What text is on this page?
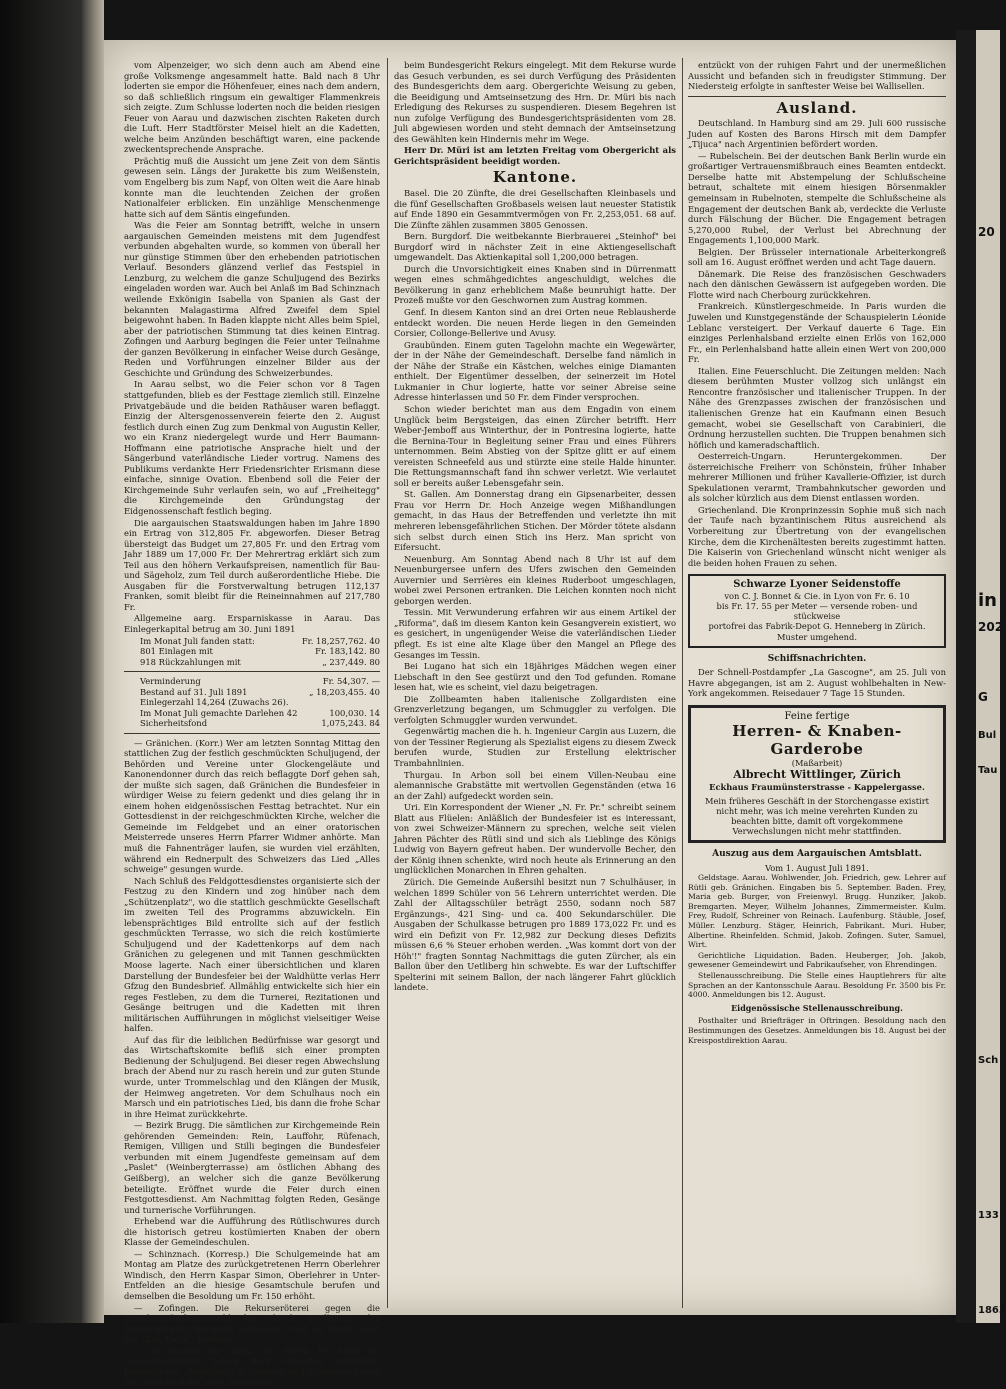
vom Alpenzeiger, wo sich denn auch am Abend eine große Volksmenge angesammelt hatte. Bald nach 8 Uhr loderten sie empor die Höhenfeuer, eines nach dem andern, so daß schließlich ringsum ein gewaltiger Flammenkreis sich zeigte. Zum Schlusse loderten noch die beiden riesigen Feuer von Aarau und dazwischen zischten Raketen durch die Luft. Herr Stadtförster Meisel hielt an die Kadetten, welche beim Anzünden beschäftigt waren, eine packende zweckentsprechende Ansprache.

Prächtig muß die Aussicht um jene Zeit von dem Säntis gewesen sein. Längs der Jurakette bis zum Weißenstein, vom Engelberg bis zum Napf, von Olten weit die Aare hinab konnte man die leuchtenden Zeichen der großen Nationalfeier erblicken. Ein unzählige Menschenmenge hatte sich auf dem Säntis eingefunden.

Was die Feier am Sonntag betrifft, welche in unsern aargauischen Gemeinden meistens mit dem Jugendfest verbunden abgehalten wurde, so kommen von überall her nur günstige Stimmen über den erhebenden patriotischen Verlauf. Besonders glänzend verlief das Festspiel in Lenzburg, zu welchem die ganze Schuljugend des Bezirks eingeladen worden war. Auch bei Anlaß im Bad Schinznach weilende Exkönigin Isabella von Spanien als Gast der bekannten Malagastirma Alfred Zweifel dem Spiel beigewohnt haben. In Baden klappte nicht Alles beim Spiel, aber der patriotischen Stimmung tat dies keinen Eintrag. Zofingen und Aarburg begingen die Feier unter Teilnahme der ganzen Bevölkerung in einfacher Weise durch Gesänge, Reden und Vorführungen einzelner Bilder aus der Geschichte und Gründung des Schweizerbundes.

In Aarau selbst, wo die Feier schon vor 8 Tagen stattgefunden, blieb es der Festtage ziemlich still. Einzelne Privatgebäude und die beiden Rathäuser waren beflaggt. Einzig der Altersgenossenverein feierte den 2. August festlich durch einen Zug zum Denkmal von Augustin Keller, wo ein Kranz niedergelegt wurde und Herr Baumann-Hoffmann eine patriotische Ansprache hielt und der Sängerbund vaterländische Lieder vortrug. Namens des Publikums verdankte Herr Friedensrichter Erismann diese einfache, sinnige Ovation. Ebenbend soll die Feier der Kirchgemeinde Suhr verlaufen sein, wo auf „Freiheitegg" die Kirchgemeinde den Gründungstag der Eidgenossenschaft festlich beging.

Die aargauischen Staatswaldungen haben im Jahre 1890 ein Ertrag von 312,805 Fr. abgeworfen. Dieser Betrag übersteigt das Budget um 27,805 Fr. und den Ertrag vom Jahr 1889 um 17,000 Fr. Der Mehrertrag erklärt sich zum Teil aus den höhern Verkaufspreisen, namentlich für Bau- und Sägeholz, zum Teil durch außerordentliche Hiebe. Die Ausgaben für die Forstverwaltung betrugen 112,137 Franken, somit bleibt für die Reineinnahmen auf 217,780 Fr.

Allgemeine aarg. Ersparniskasse in Aarau. Das Einlegerkapital betrug am 30. Juni 1891

Im Monat Juli fanden statt:	Fr. 18,257,762. 40
801 Einlagen mit	Fr. 183,142. 80
918 Rückzahlungen mit	„ 237,449. 80
Verminderung	Fr. 54,307. —
Bestand auf 31. Juli 1891	„ 18,203,455. 40
Einlegerzahl 14,264 (Zuwachs 26).
Im Monat Juli gemachte Darlehen 42	100,030. 14
Sicherheitsfond	1,075,243. 84

— Gränichen. (Korr.) Wer am letzten Sonntag Mittag den stattlichen Zug der festlich geschmückten Schuljugend, der Behörden und Vereine unter Glockengeläute und Kanonendonner durch das reich beflaggte Dorf gehen sah, der mußte sich sagen, daß Gränichen die Bundesfeier in würdiger Weise zu feiern gedenkt und dies gelang ihr in einem hohen eidgenössischen Festtag betrachtet. Nur ein Gottesdienst in der reichgeschmückten Kirche, welcher die Gemeinde im Feldgebet und an einer oratorischen Meisterrede unseres Herrn Pfarrer Widmer anhörte. Man muß die Fahnenträger laufen, sie wurden viel erzählten, während ein Rednerpult des Schweizers das Lied „Alles schweige" gesungen wurde.

Nach Schluß des Feldgottesdienstes organisierte sich der Festzug zu den Kindern und zog hinüber nach dem „Schützenplatz", wo die stattlich geschmückte Gesellschaft im zweiten Teil des Programms abzuwickeln. Ein lebensprächtiges Bild entrollte sich auf der festlich geschmückten Terrasse, wo sich die reich kostümierte Schuljugend und der Kadettenkorps auf dem nach Gränichen zu gelegenen und mit Tannen geschmückten Moose lagerte. Nach einer übersichtlichen und klaren Darstellung der Bundesfeier bei der Waldhütte verlas Herr Gfzug den Bundesbrief. Allmählig entwickelte sich hier ein reges Festleben, zu dem die Turnerei, Rezitationen und Gesänge beitrugen und die Kadetten mit ihren militärischen Aufführungen in möglichst vielseitiger Weise halfen.

Auf das für die leiblichen Bedürfnisse war gesorgt und das Wirtschaftskomite befliß sich einer prompten Bedienung der Schuljugend. Bei dieser regen Abwechslung brach der Abend nur zu rasch herein und zur guten Stunde wurde, unter Trommelschlag und den Klängen der Musik, der Heimweg angetreten. Vor dem Schulhaus noch ein Marsch und ein patriotisches Lied, bis dann die frohe Schar in ihre Heimat zurückkehrte.

— Bezirk Brugg. Die sämtlichen zur Kirchgemeinde Rein gehörenden Gemeinden: Rein, Lauffohr, Rüfenach, Remigen, Villigen und Stilli begingen die Bundesfeier verbunden mit einem Jugendfeste gemeinsam auf dem „Paslet" (Weinbergterrasse) am östlichen Abhang des Geißberg), an welcher sich die ganze Bevölkerung beteiligte. Eröffnet wurde die Feier durch einen Festgottesdienst. Am Nachmittag folgten Reden, Gesänge und turnerische Vorführungen.

Erhebend war die Aufführung des Rütlischwures durch die historisch getreu kostümierten Knaben der obern Klasse der Gemeindeschulen.

— Schinznach. (Korresp.) Die Schulgemeinde hat am Montag am Platze des zurückgetretenen Herrn Oberlehrer Windisch, den Herrn Kaspar Simon, Oberlehrer in Unter-Entfelden an die hiesige Gesamtschule berufen und demselben die Besoldung um Fr. 150 erhöht.

— Zofingen. Die Rekurseröterei gegen die Gerichtspräsidentenwahl hat durch Verfügung des Bundesgerichts ihr Ende gefunden. „Gott sei Dank!" sagt das „Zof. Tagbl." hierüber.

— In Sachen der Wahl des Herrn Dr. Müri als Gerichtspräsident haben Herr Sebastian Schmidlin, Redaktor der „Tagespost" in Zofingen und Konsorten gegen den Entscheid der aarg. Regierung

beim Bundesgericht Rekurs eingelegt. Mit dem Rekurse wurde das Gesuch verbunden, es sei durch Verfügung des Präsidenten des Bundesgerichts dem aarg. Obergerichte Weisung zu geben, die Beeidigung und Amtseinsetzung des Hrn. Dr. Müri bis nach Erledigung des Rekurses zu suspendieren. Diesem Begehren ist nun zufolge Verfügung des Bundesgerichtspräsidenten vom 28. Juli abgewiesen worden und steht demnach der Amtseinsetzung des Gewählten kein Hindernis mehr im Wege.

Herr Dr. Müri ist am letzten Freitag vom Obergericht als Gerichtspräsident beeidigt worden.

Kantone.

Basel. Die 20 Zünfte, die drei Gesellschaften Kleinbasels und die fünf Gesellschaften Großbasels weisen laut neuester Statistik auf Ende 1890 ein Gesammtvermögen von Fr. 2,253,051. 68 auf. Die Zünfte zählen zusammen 3805 Genossen.

Bern. Burgdorf. Die weitbekannte Bierbrauerei „Steinhof" bei Burgdorf wird in nächster Zeit in eine Aktiengesellschaft umgewandelt. Das Aktienkapital soll 1,200,000 betragen.

Durch die Unvorsichtigkeit eines Knaben sind in Dürrenmatt wegen eines schmähgedichtes angeschuldigt, welches die Bevölkerung in ganz erheblichem Maße beunruhigt hatte. Der Prozeß mußte vor den Geschwornen zum Austrag kommen.

Genf. In diesem Kanton sind an drei Orten neue Reblausherde entdeckt worden. Die neuen Herde liegen in den Gemeinden Corsier, Collonge-Bellerive und Avusy.

Graubünden. Einem guten Tagelohn machte ein Wegewärter, der in der Nähe der Gemeindeschaft. Derselbe fand nämlich in der Nähe der Straße ein Kästchen, welches einige Diamanten enthielt. Der Eigentümer desselben, der seinerzeit im Hotel Lukmanier in Chur logierte, hatte vor seiner Abreise seine Adresse hinterlassen und 50 Fr. dem Finder versprochen.

Schon wieder berichtet man aus dem Engadin von einem Unglück beim Bergsteigen, das einen Zürcher betrifft. Herr Weber-Jemboff aus Winterthur, der in Pontresina logierte, hatte die Bernina-Tour in Begleitung seiner Frau und eines Führers unternommen. Beim Abstieg von der Spitze glitt er auf einem vereisten Schneefeld aus und stürzte eine steile Halde hinunter. Die Rettungsmannschaft fand ihn schwer verletzt. Wie verlautet soll er bereits außer Lebensgefahr sein.

St. Gallen. Am Donnerstag drang ein Gipsenarbeiter, dessen Frau vor Herrn Dr. Hoch Anzeige wegen Mißhandlungen gemacht, in das Haus der Betreffenden und verletzte ihn mit mehreren lebensgefährlichen Stichen. Der Mörder tötete alsdann sich selbst durch einen Stich ins Herz. Man spricht von Eifersucht.

Neuenburg. Am Sonntag Abend nach 8 Uhr ist auf dem Neuenburgersee unfern des Ufers zwischen den Gemeinden Auvernier und Serrières ein kleines Ruderboot umgeschlagen, wobei zwei Personen ertranken. Die Leichen konnten noch nicht geborgen werden.

Tessin. Mit Verwunderung erfahren wir aus einem Artikel der „Riforma", daß im diesem Kanton kein Gesangverein existiert, wo es gesichert, in ungenügender Weise die vaterländischen Lieder pflegt. Es ist eine alte Klage über den Mangel an Pflege des Gesanges im Tessin.

Bei Lugano hat sich ein 18jähriges Mädchen wegen einer Liebschaft in den See gestürzt und den Tod gefunden. Romane lesen hat, wie es scheint, viel dazu beigetragen.

Die Zollbeamten haben italienische Zollgardisten eine Grenzverletzung begangen, um Schmuggler zu verfolgen. Die verfolgten Schmuggler wurden verwundet.

Gegenwärtig machen die h. h. Ingenieur Cargin aus Luzern, die von der Tessiner Regierung als Spezialist eigens zu diesem Zweck berufen wurde, Studien zur Erstellung elektrischer Trambahnlinien.

Thurgau. In Arbon soll bei einem Villen-Neubau eine alemannische Grabstätte mit wertvollen Gegenständen (etwa 16 an der Zahl) aufgedeckt worden sein.

Uri. Ein Korrespondent der Wiener „N. Fr. Pr." schreibt seinem Blatt aus Flüelen: Anläßlich der Bundesfeier ist es interessant, von zwei Schweizer-Männern zu sprechen, welche seit vielen Jahren Pächter des Rütli sind und sich als Lieblinge des Königs Ludwig von Bayern gefreut haben. Der wundervolle Becher, den der König ihnen schenkte, wird noch heute als Erinnerung an den unglücklichen Monarchen in Ehren gehalten.

Zürich. Die Gemeinde Außersihl besitzt nun 7 Schulhäuser, in welchen 1899 Schüler von 56 Lehrern unterrichtet werden. Die Zahl der Alltagsschüler beträgt 2550, sodann noch 587 Ergänzungs-, 421 Sing- und ca. 400 Sekundarschüler. Die Ausgaben der Schulkasse betrugen pro 1889 173,022 Fr. und es wird ein Defizit von Fr. 12,982 zur Deckung dieses Defizits müssen 6,6 % Steuer erhoben werden. „Was kommt dort von der Höh'!" fragten Sonntag Nachmittags die guten Zürcher, als ein Ballon über den Uetliberg hin schwebte. Es war der Luftschiffer Spelterini mit seinem Ballon, der nach längerer Fahrt glücklich landete.

entzückt von der ruhigen Fahrt und der unermeßlichen Aussicht und befanden sich in freudigster Stimmung. Der Niedersteig erfolgte in sanftester Weise bei Wallisellen.

Ausland.

Deutschland. In Hamburg sind am 29. Juli 600 russische Juden auf Kosten des Barons Hirsch mit dem Dampfer „Tijuca" nach Argentinien befördert worden.

— Rubelschein. Bei der deutschen Bank Berlin wurde ein großartiger Vertrauensmißbrauch eines Beamten entdeckt. Derselbe hatte mit Abstempelung der Schlußscheine betraut, schaltete mit einem hiesigen Börsenmakler gemeinsam in Rubelnoten, stempelte die Schlußscheine als Engagement der deutschen Bank ab, verdeckte die Verluste durch Fälschung der Bücher. Die Engagement betragen 5,270,000 Rubel, der Verlust bei Abrechnung der Engagements 1,100,000 Mark.

Belgien. Der Brüsseler internationale Arbeiterkongreß soll am 16. August eröffnet werden und acht Tage dauern.

Dänemark. Die Reise des französischen Geschwaders nach den dänischen Gewässern ist aufgegeben worden. Die Flotte wird nach Cherbourg zurückkehren.

Frankreich. Künstlergeschmeide. In Paris wurden die Juwelen und Kunstgegenstände der Schauspielerin Léonide Leblanc versteigert. Der Verkauf dauerte 6 Tage. Ein einziges Perlenhalsband erzielte einen Erlös von 162,000 Fr., ein Perlenhalsband hatte allein einen Wert von 200,000 Fr.

Italien. Eine Feuerschlucht. Die Zeitungen melden: Nach diesem berühmten Muster vollzog sich unlängst ein Rencontre französischer und italienischer Truppen. In der Nähe des Grenzpasses zwischen der französischen und italienischen Grenze hat ein Kaufmann einen Besuch gemacht, wobei sie Gesellschaft von Carabinieri, die Ordnung herzustellen suchten. Die Truppen benahmen sich höflich und kameradschaftlich.

Oesterreich-Ungarn. Heruntergekommen. Der österreichische Freiherr von Schönstein, früher Inhaber mehrerer Millionen und früher Kavallerie-Offizier, ist durch Spekulationen verarmt, Trambahnkutscher geworden und als solcher kürzlich aus dem Dienst entlassen worden.

Griechenland. Die Kronprinzessin Sophie muß sich nach der Taufe nach byzantinischem Ritus ausreichend als Vorbereitung zur Übertretung von der evangelischen Kirche, dem die Kirchenältesten bereits zugestimmt hatten. Die Kaiserin von Griechenland wünscht nicht weniger als die beiden hohen Frauen zu sehen.

Schwarze Lyoner Seidenstoffe
von C. J. Bonnet & Cie. in Lyon von Fr. 6. 10
bis Fr. 17. 55 per Meter — versende roben- und stückweise
portofrei das Fabrik-Depot G. Henneberg in Zürich.
Muster umgehend.
Schiffsnachrichten.

Der Schnell-Postdampfer „La Gascogne", am 25. Juli von Havre abgegangen, ist am 2. August wohlbehalten in New-York angekommen. Reisedauer 7 Tage 15 Stunden.

Feine fertige
Herren- & Knaben-Garderobe
(Maßarbeit)
Albrecht Wittlinger, Zürich
Eckhaus Fraumünsterstrasse - Kappelergasse.
Mein früheres Geschäft in der Storchengasse existirt nicht mehr, was ich meine verehrten Kunden zu beachten bitte, damit oft vorgekommene Verwechslungen nicht mehr stattfinden.
Auszug aus dem Aargauischen Amtsblatt.
Vom 1. August Juli 1891.

Geldstage. Aarau. Wohlwender, Joh. Friedrich, gew. Lehrer auf Rütli geb. Gränichen. Eingaben bis 5. September. Baden. Frey, Maria geb. Burger, von Freienwyl. Brugg. Hunziker, Jakob. Bremgarten. Meyer, Wilhelm Johannes, Zimmermeister. Kulm. Frey, Rudolf, Schreiner von Reinach. Laufenburg. Stäuble, Josef, Müller. Lenzburg. Stäger, Heinrich, Fabrikant. Muri. Huber, Albertine. Rheinfelden. Schmid, Jakob. Zofingen. Suter, Samuel, Wirt.

Gerichtliche Liquidation. Baden. Heuberger, Joh. Jakob, gewesener Gemeindewirt und Fabrikaufseher, von Ehrendingen.

Stellenausschreibung. Die Stelle eines Hauptlehrers für alte Sprachen an der Kantonsschule Aarau. Besoldung Fr. 3500 bis Fr. 4000. Anmeldungen bis 12. August.

Eidgenössische Stellenausschreibung.

Posthalter und Briefträger in Oftringen. Besoldung nach den Bestimmungen des Gesetzes. Anmeldungen bis 18. August bei der Kreispostdirektion Aarau.

20
in
202
G
Bul
Tau
Sch
133
1863
